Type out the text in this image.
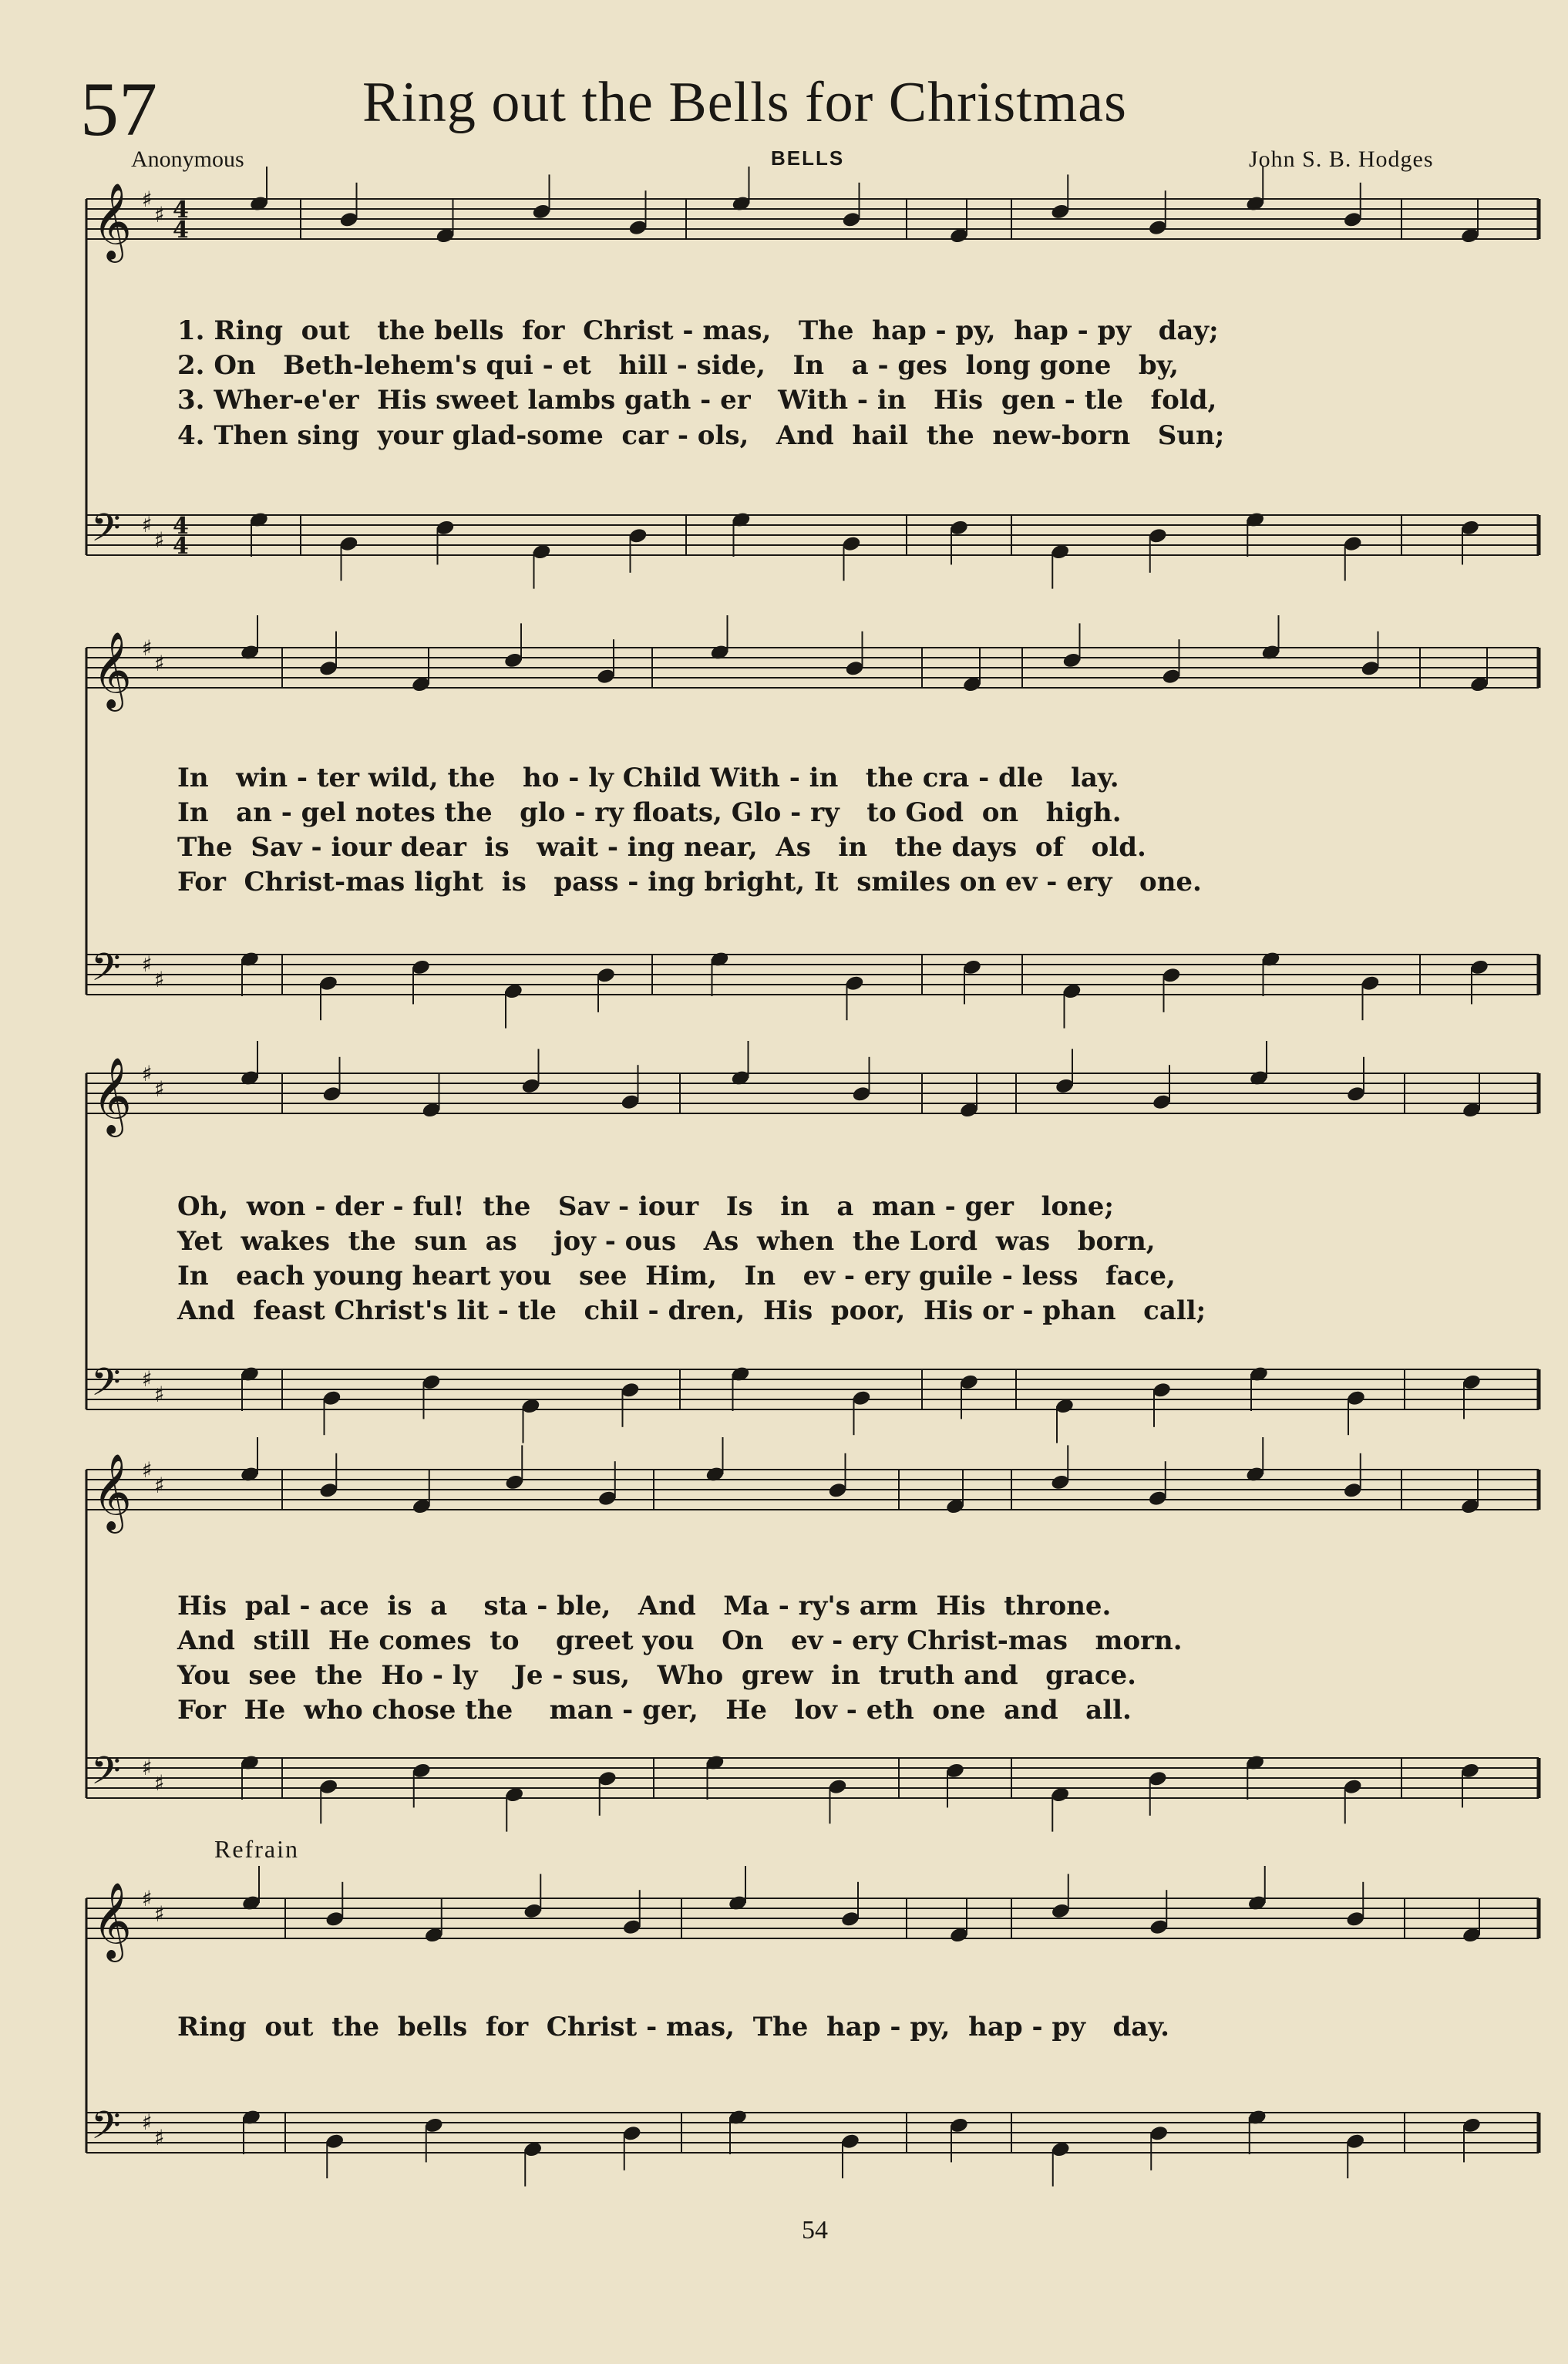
57	Ring out the Bells for Christmas
Anonymous	BELLS	John S. B. Hodges
𝄞
𝄢
♯
♯
♯
♯
4
4
4
4
𝄞
𝄢
♯
♯
♯
♯
𝄞
𝄢
♯
♯
♯
♯
𝄞
𝄢
♯
♯
♯
♯
𝄞
𝄢
♯
♯
♯
♯
1. Ring  out   the bells  for  Christ - mas,   The  hap - py,  hap - py   day;
2. On   Beth-lehem's qui - et   hill - side,   In   a - ges  long gone   by,
3. Wher-e'er  His sweet lambs gath - er   With - in   His  gen - tle   fold,
4. Then sing  your glad-some  car - ols,   And  hail  the  new-born   Sun;
In   win - ter wild, the   ho - ly Child With - in   the cra - dle   lay.
In   an - gel notes the   glo - ry floats, Glo - ry   to God  on   high.
The  Sav - iour dear  is   wait - ing near,  As   in   the days  of   old.
For  Christ-mas light  is   pass - ing bright, It  smiles on ev - ery   one.
Oh,  won - der - ful!  the   Sav - iour   Is   in   a  man - ger   lone;
Yet  wakes  the  sun  as    joy - ous   As  when  the Lord  was   born,
In   each young heart you   see  Him,   In   ev - ery guile - less   face,
And  feast Christ's lit - tle   chil - dren,  His  poor,  His or - phan   call;
His  pal - ace  is  a    sta - ble,   And   Ma - ry's arm  His  throne.
And  still  He comes  to    greet you   On   ev - ery Christ-mas   morn.
You  see  the  Ho - ly    Je - sus,   Who  grew  in  truth and   grace.
For  He  who chose the    man - ger,   He   lov - eth  one  and   all.
Refrain
Ring  out  the  bells  for  Christ - mas,  The  hap - py,  hap - py   day.
54
